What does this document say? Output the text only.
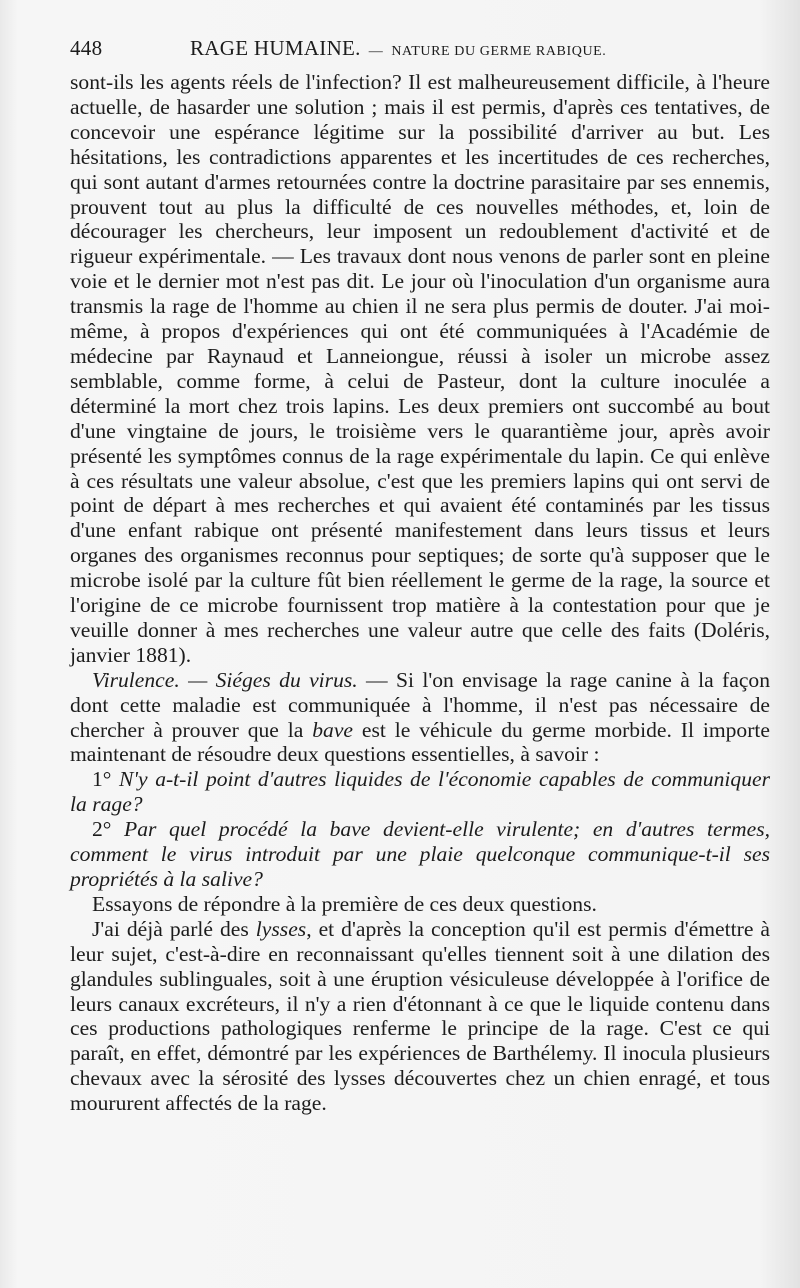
448	RAGE HUMAINE. — NATURE DU GERME RABIQUE.

sont-ils les agents réels de l'infection? Il est malheureusement difficile, à l'heure actuelle, de hasarder une solution ; mais il est permis, d'après ces tentatives, de concevoir une espérance légitime sur la possibilité d'arriver au but. Les hésitations, les contradictions apparentes et les incertitudes de ces recherches, qui sont autant d'armes retournées contre la doctrine parasitaire par ses ennemis, prouvent tout au plus la difficulté de ces nouvelles méthodes, et, loin de décourager les chercheurs, leur imposent un redoublement d'activité et de rigueur expérimentale. — Les travaux dont nous venons de parler sont en pleine voie et le dernier mot n'est pas dit. Le jour où l'inoculation d'un organisme aura transmis la rage de l'homme au chien il ne sera plus permis de douter. J'ai moi-même, à propos d'expériences qui ont été communiquées à l'Académie de médecine par Raynaud et Lanneiongue, réussi à isoler un microbe assez semblable, comme forme, à celui de Pasteur, dont la culture inoculée a déterminé la mort chez trois lapins. Les deux premiers ont succombé au bout d'une vingtaine de jours, le troisième vers le quarantième jour, après avoir présenté les symptômes connus de la rage expérimentale du lapin. Ce qui enlève à ces résultats une valeur absolue, c'est que les premiers lapins qui ont servi de point de départ à mes recherches et qui avaient été contaminés par les tissus d'une enfant rabique ont présenté manifestement dans leurs tissus et leurs organes des organismes reconnus pour septiques; de sorte qu'à supposer que le microbe isolé par la culture fût bien réellement le germe de la rage, la source et l'origine de ce microbe fournissent trop matière à la contestation pour que je veuille donner à mes recherches une valeur autre que celle des faits (Doléris, janvier 1881).

Virulence. — Siéges du virus. — Si l'on envisage la rage canine à la façon dont cette maladie est communiquée à l'homme, il n'est pas nécessaire de chercher à prouver que la bave est le véhicule du germe morbide. Il importe maintenant de résoudre deux questions essentielles, à savoir :

1° N'y a-t-il point d'autres liquides de l'économie capables de communiquer la rage?

2° Par quel procédé la bave devient-elle virulente; en d'autres termes, comment le virus introduit par une plaie quelconque communique-t-il ses propriétés à la salive?

Essayons de répondre à la première de ces deux questions.

J'ai déjà parlé des lysses, et d'après la conception qu'il est permis d'émettre à leur sujet, c'est-à-dire en reconnaissant qu'elles tiennent soit à une dilation des glandules sublinguales, soit à une éruption vésiculeuse développée à l'orifice de leurs canaux excréteurs, il n'y a rien d'étonnant à ce que le liquide contenu dans ces productions pathologiques renferme le principe de la rage. C'est ce qui paraît, en effet, démontré par les expériences de Barthélemy. Il inocula plusieurs chevaux avec la sérosité des lysses découvertes chez un chien enragé, et tous moururent affectés de la rage.
